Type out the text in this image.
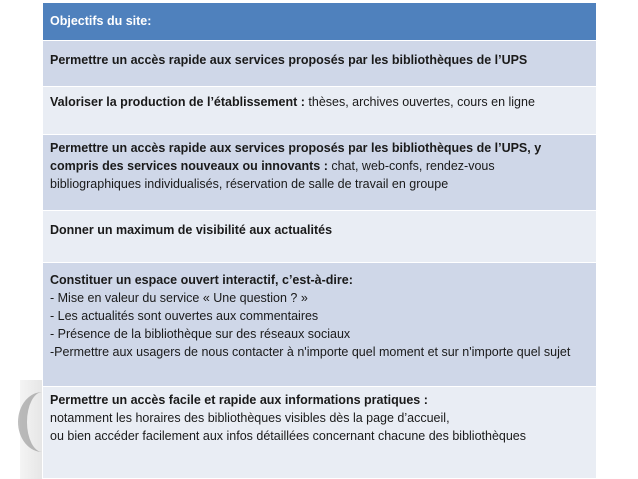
Objectifs du site:
Permettre un accès rapide aux services proposés par les bibliothèques de l’UPS
Valoriser la production de l’établissement : thèses, archives ouvertes, cours en ligne
Permettre un accès rapide aux services proposés par les bibliothèques de l’UPS, y compris des services nouveaux ou innovants : chat, web-confs, rendez-vous bibliographiques individualisés, réservation de salle de travail en groupe
Donner un maximum de visibilité aux actualités
Constituer un espace ouvert interactif, c’est-à-dire:
- Mise en valeur du service « Une question ? »
- Les actualités sont ouvertes aux commentaires
- Présence de la bibliothèque sur des réseaux sociaux
-Permettre aux usagers de nous contacter à n'importe quel moment et sur n'importe quel sujet
Permettre un accès facile et rapide aux informations pratiques :
notamment les horaires des bibliothèques visibles dès la page d’accueil,
ou bien accéder facilement aux infos détaillées concernant chacune des bibliothèques
